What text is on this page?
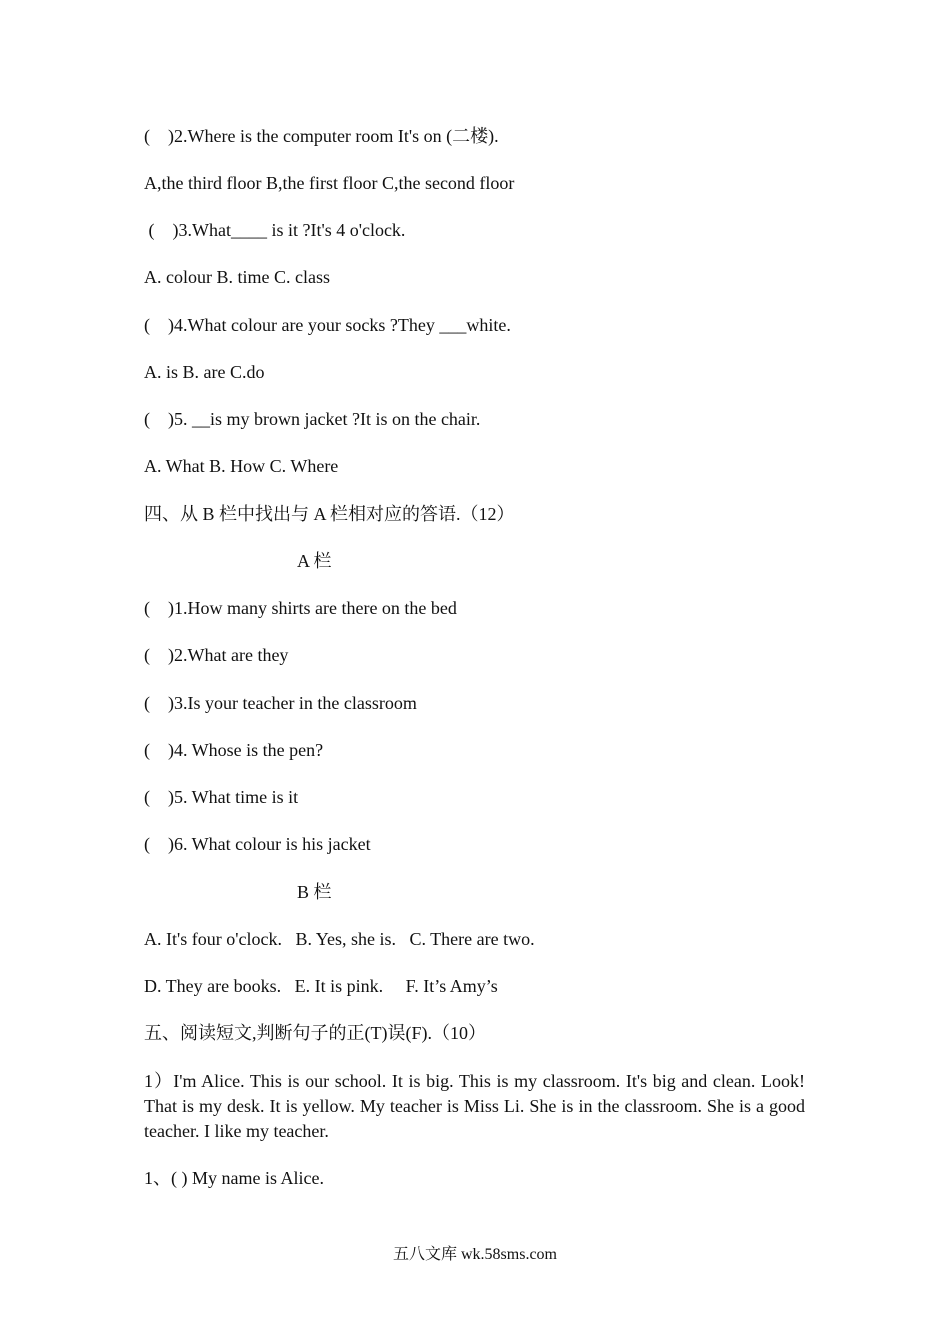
(    )2.Where is the computer room It's on (二楼).
A,the third floor B,the first floor C,the second floor
(    )3.What____ is it ?It's 4 o'clock.
A. colour B. time C. class
(    )4.What colour are your socks ?They ___white.
A. is B. are C.do
(    )5. __is my brown jacket ?It is on the chair.
A. What B. How C. Where
四、从 B 栏中找出与 A 栏相对应的答语.（12）
A 栏
(    )1.How many shirts are there on the bed
(    )2.What are they
(    )3.Is your teacher in the classroom
(    )4. Whose is the pen?
(    )5. What time is it
(    )6. What colour is his jacket
B 栏
A. It's four o'clock.   B. Yes, she is.   C. There are two.
D. They are books.   E. It is pink.     F. It’s Amy’s
五、阅读短文,判断句子的正(T)误(F).（10）
1）I'm Alice. This is our school. It is big. This is my classroom. It's big and clean. Look! That is my desk. It is yellow. My teacher is Miss Li. She is in the classroom. She is a good teacher. I like my teacher.
1、( ) My name is Alice.
五八文库 wk.58sms.com
